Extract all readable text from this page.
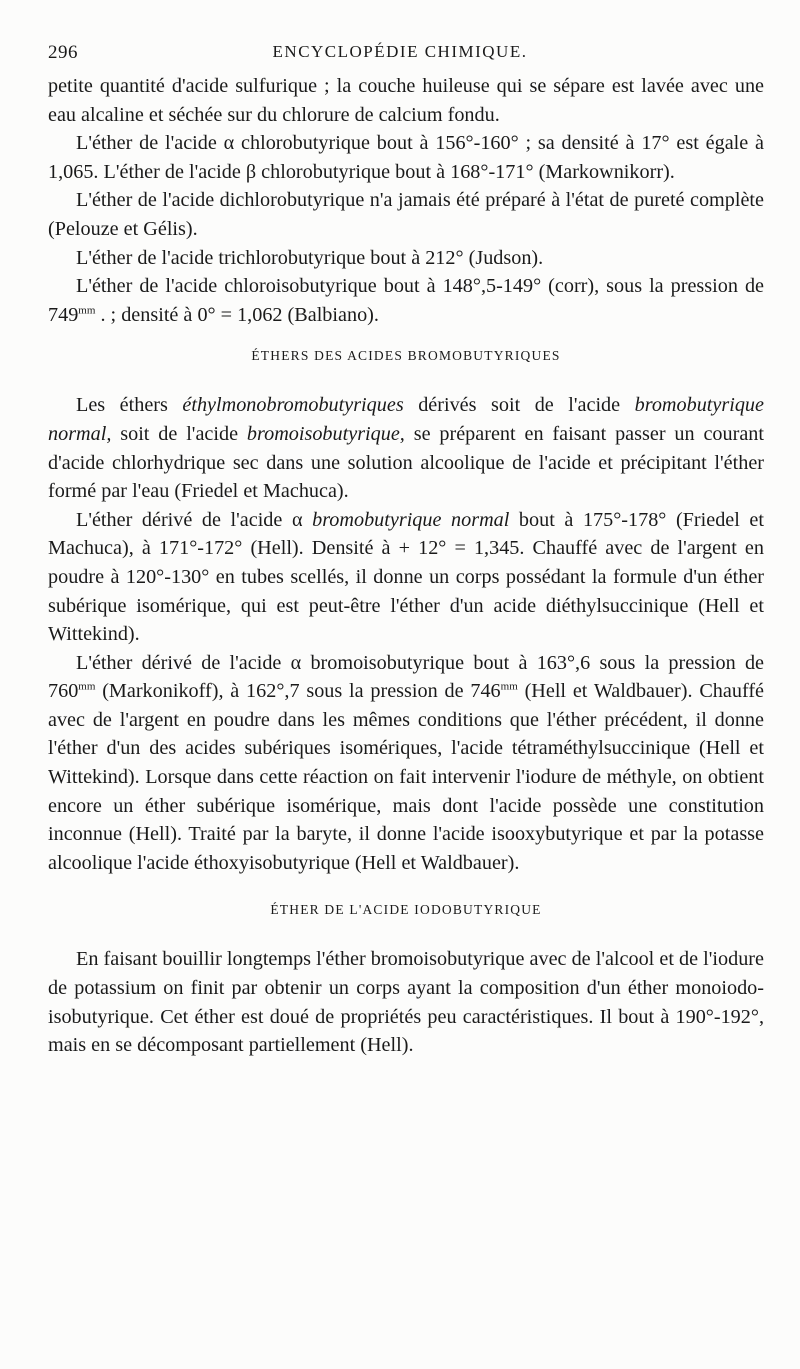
296	ENCYCLOPÉDIE CHIMIQUE.

petite quantité d'acide sulfurique ; la couche huileuse qui se sépare est lavée avec une eau alcaline et séchée sur du chlorure de calcium fondu.

L'éther de l'acide α chlorobutyrique bout à 156°-160° ; sa densité à 17° est égale à 1,065. L'éther de l'acide β chlorobutyrique bout à 168°-171° (Markownikorr).

L'éther de l'acide dichlorobutyrique n'a jamais été préparé à l'état de pureté complète (Pelouze et Gélis).

L'éther de l'acide trichlorobutyrique bout à 212° (Judson).

L'éther de l'acide chloroisobutyrique bout à 148°,5-149° (corr), sous la pression de $749^{mm}$ . ; densité à 0° = 1,062 (Balbiano).

ÉTHERS DES ACIDES BROMOBUTYRIQUES

Les éthers éthylmonobromobutyriques dérivés soit de l'acide bromobutyrique normal, soit de l'acide bromoisobutyrique, se préparent en faisant passer un courant d'acide chlorhydrique sec dans une solution alcoolique de l'acide et précipitant l'éther formé par l'eau (Friedel et Machuca).

L'éther dérivé de l'acide α bromobutyrique normal bout à 175°-178° (Friedel et Machuca), à 171°-172° (Hell). Densité à + 12° = 1,345. Chauffé avec de l'argent en poudre à 120°-130° en tubes scellés, il donne un corps possédant la formule d'un éther subérique isomérique, qui est peut-être l'éther d'un acide diéthylsuccinique (Hell et Wittekind).

L'éther dérivé de l'acide α bromoisobutyrique bout à 163°,6 sous la pression de $760^{mm}$ (Markonikoff), à 162°,7 sous la pression de $746^{mm}$ (Hell et Waldbauer). Chauffé avec de l'argent en poudre dans les mêmes conditions que l'éther précédent, il donne l'éther d'un des acides subériques isomériques, l'acide tétraméthylsuccinique (Hell et Wittekind). Lorsque dans cette réaction on fait intervenir l'iodure de méthyle, on obtient encore un éther subérique isomérique, mais dont l'acide possède une constitution inconnue (Hell). Traité par la baryte, il donne l'acide isooxybutyrique et par la potasse alcoolique l'acide éthoxyisobutyrique (Hell et Waldbauer).

ÉTHER DE L'ACIDE IODOBUTYRIQUE

En faisant bouillir longtemps l'éther bromoisobutyrique avec de l'alcool et de l'iodure de potassium on finit par obtenir un corps ayant la composition d'un éther monoiodo-isobutyrique. Cet éther est doué de propriétés peu caractéristiques. Il bout à 190°-192°, mais en se décomposant partiellement (Hell).
